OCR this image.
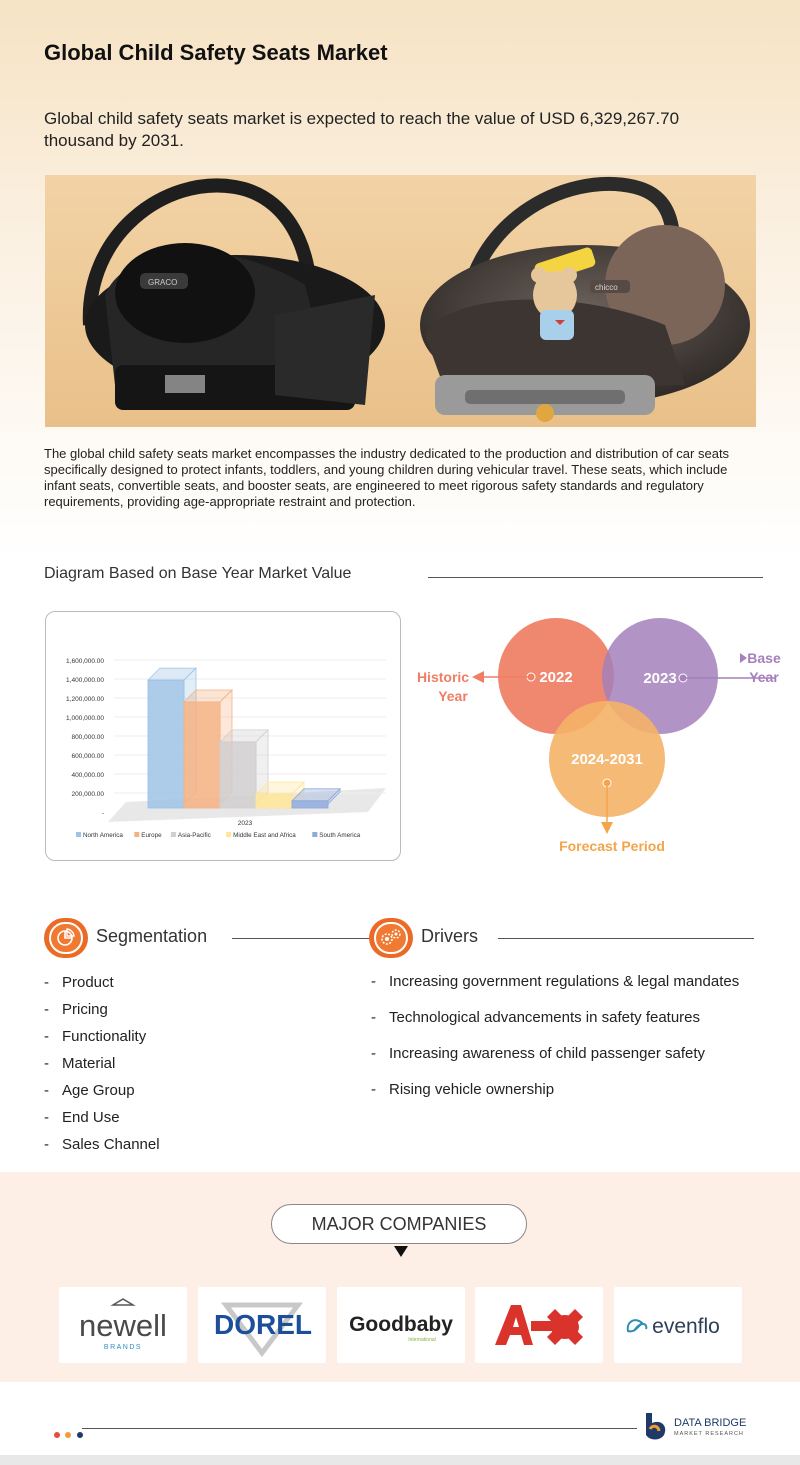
Global Child Safety Seats Market

Global child safety seats market is expected to reach the value of USD 6,329,267.70 thousand by 2031.

GRACO
chicco

The global child safety seats market encompasses the industry dedicated to the production and distribution of car seats specifically designed to protect infants, toddlers, and young children during vehicular travel. These seats, which include infant seats, convertible seats, and booster seats, are engineered to meet rigorous safety standards and regulatory requirements, providing age-appropriate restraint and protection.

Diagram Based on Base Year Market Value
1,600,000.00
1,400,000.00
1,200,000.00
1,000,000.00
800,000.00
600,000.00
400,000.00
200,000.00
-
2023
North America	Europe	Asia-Pacific	Middle East and Africa	South America
2022	2023
2024-2031
Historic
Year
Base
Year
Forecast Period
Segmentation
- Product
- Pricing
- Functionality
- Material
- Age Group
- End Use
- Sales Channel
Drivers
- Increasing government regulations & legal mandates
- Technological advancements in safety features
- Increasing awareness of child passenger safety
- Rising vehicle ownership
MAJOR COMPANIES
newell
BRANDS
DOREL Goodbaby
International
evenflo

DATA BRIDGE
MARKET RESEARCH
